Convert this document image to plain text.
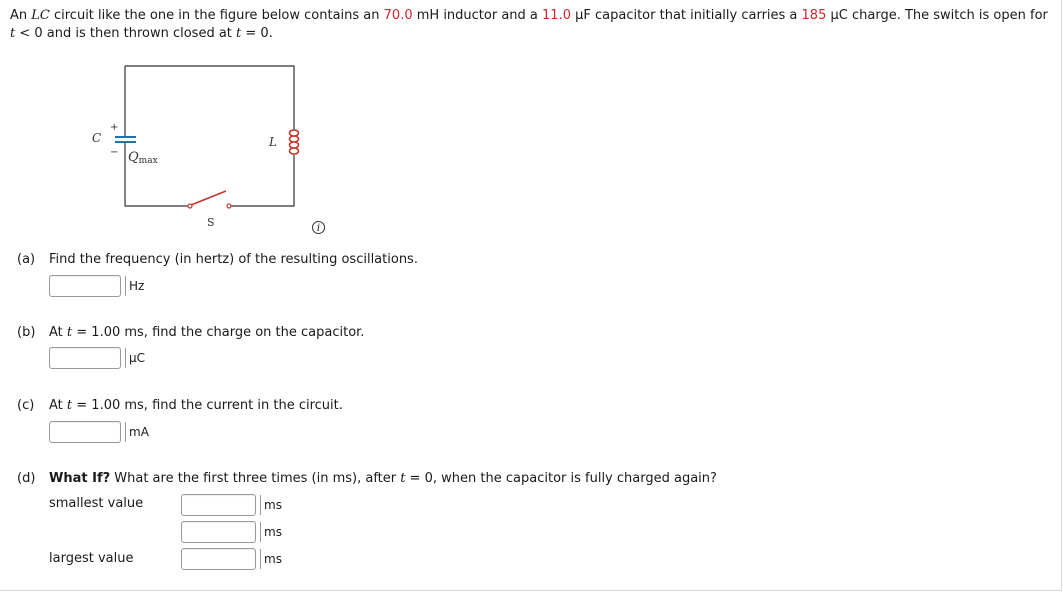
An LC circuit like the one in the figure below contains an 70.0 mH inductor and a 11.0 μF capacitor that initially carries a 185 μC charge. The switch is open for
t < 0 and is then thrown closed at t = 0.
+
−
C
Qmax
L
S	i
(a) Find the frequency (in hertz) of the resulting oscillations.
Hz
(b) At t = 1.00 ms, find the charge on the capacitor.
μC
(c) At t = 1.00 ms, find the current in the circuit.
mA
(d) What If? What are the first three times (in ms), after t = 0, when the capacitor is fully charged again?
smallest value
largest value
ms
ms
ms
